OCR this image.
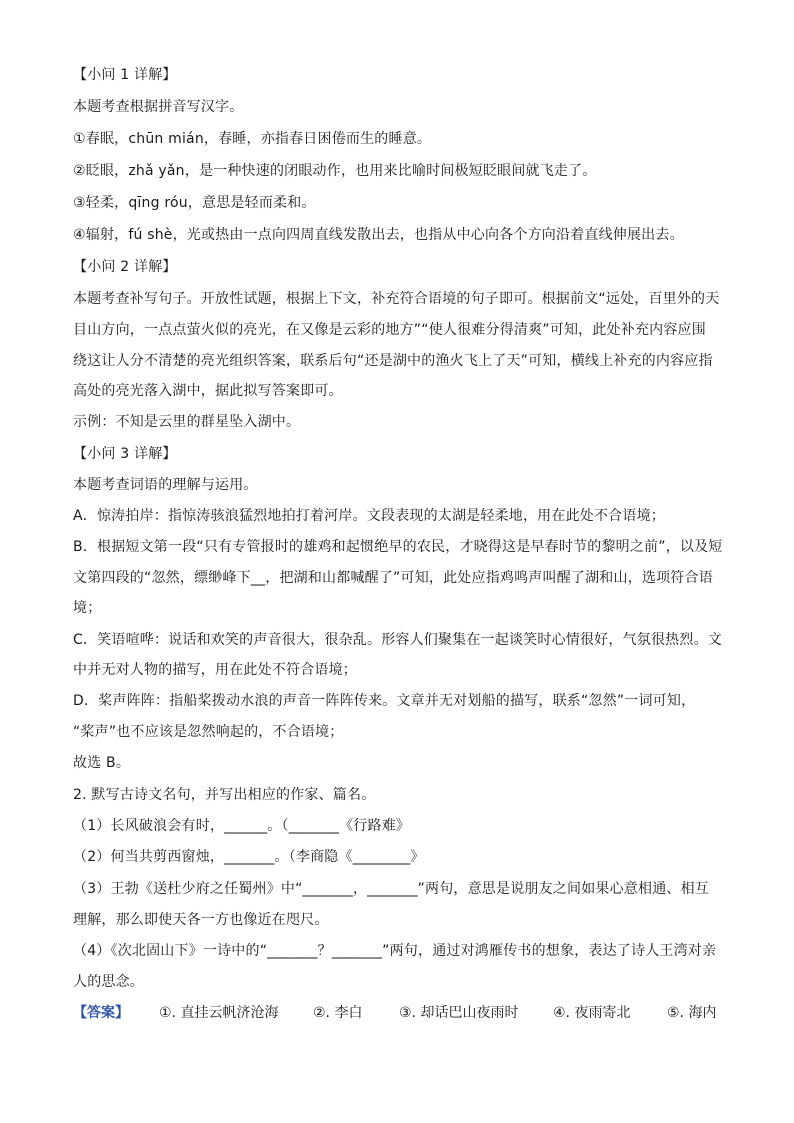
【小问 1 详解】
本题考查根据拼音写汉字。
①春眠，chūn mián，春睡，亦指春日困倦而生的睡意。
②眨眼，zhǎ yǎn，是一种快速的闭眼动作，也用来比喻时间极短眨眼间就飞走了。
③轻柔，qīng róu，意思是轻而柔和。
④辐射，fú shè，光或热由一点向四周直线发散出去，也指从中心向各个方向沿着直线伸展出去。
【小问 2 详解】
本题考查补写句子。开放性试题，根据上下文，补充符合语境的句子即可。根据前文“远处，百里外的天
目山方向，一点点萤火似的亮光，在又像是云彩的地方”“使人很难分得清爽”可知，此处补充内容应围
绕这让人分不清楚的亮光组织答案，联系后句“还是湖中的渔火飞上了天”可知，横线上补充的内容应指
高处的亮光落入湖中，据此拟写答案即可。
示例：不知是云里的群星坠入湖中。
【小问 3 详解】
本题考查词语的理解与运用。
A．惊涛拍岸：指惊涛骇浪猛烈地拍打着河岸。文段表现的太湖是轻柔地，用在此处不合语境；
B．根据短文第一段“只有专管报时的雄鸡和起惯绝早的农民，才晓得这是早春时节的黎明之前”，以及短
文第四段的“忽然，缥缈峰下__，把湖和山都喊醒了”可知，此处应指鸡鸣声叫醒了湖和山，选项符合语
境；
C．笑语喧哗：说话和欢笑的声音很大，很杂乱。形容人们聚集在一起谈笑时心情很好，气氛很热烈。文
中并无对人物的描写，用在此处不符合语境；
D．桨声阵阵：指船桨拨动水浪的声音一阵阵传来。文章并无对划船的描写，联系“忽然”一词可知，
“桨声”也不应该是忽然响起的，不合语境；
故选 B。
2. 默写古诗文名句，并写出相应的作家、篇名。
（1）长风破浪会有时，______。（_______《行路难》
（2）何当共剪西窗烛，_______。（李商隐《________》
（3）王勃《送杜少府之任蜀州》中“_______，_______”两句，意思是说朋友之间如果心意相通、相互
理解，那么即使天各一方也像近在咫尺。
（4）《次北固山下》一诗中的“_______？_______”两句，通过对鸿雁传书的想象，表达了诗人王湾对亲
人的思念。
【答案】 ①. 直挂云帆济沧海 ②. 李白	③. 却话巴山夜雨时 ④. 夜雨寄北	⑤. 海内
